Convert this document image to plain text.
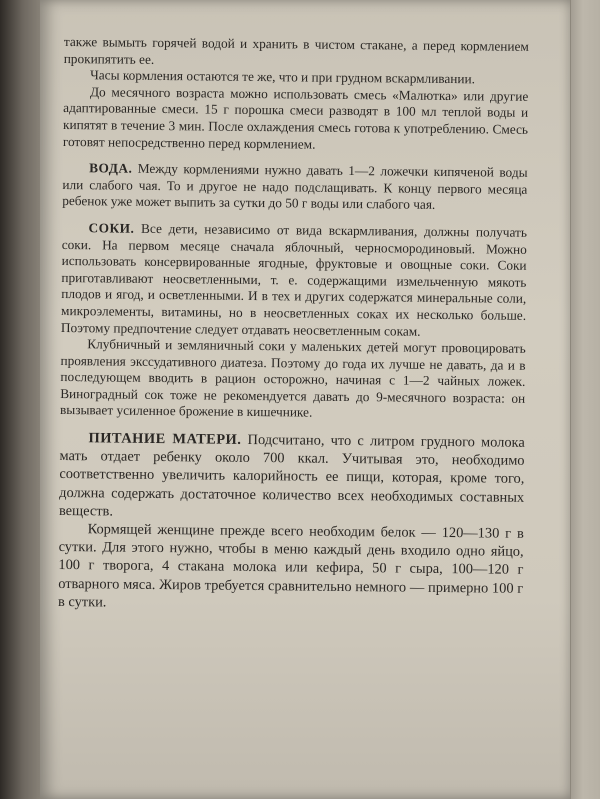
также вымыть горячей водой и хранить в чистом стакане, а перед кормлением прокипятить ее.

Часы кормления остаются те же, что и при грудном вскармливании.

До месячного возраста можно использовать смесь «Малютка» или другие адаптированные смеси. 15 г порошка смеси разводят в 100 мл теплой воды и кипятят в течение 3 мин. После охлаждения смесь готова к употреблению. Смесь готовят непосредственно перед кормлением.

ВОДА. Между кормлениями нужно давать 1—2 ложечки кипяченой воды или слабого чая. То и другое не надо подслащивать. К концу первого месяца ребенок уже может выпить за сутки до 50 г воды или слабого чая.

СОКИ. Все дети, независимо от вида вскармливания, должны получать соки. На первом месяце сначала яблочный, черносмородиновый. Можно использовать консервированные ягодные, фруктовые и овощные соки. Соки приготавливают неосветленными, т. е. содержащими измельченную мякоть плодов и ягод, и осветленными. И в тех и других содержатся минеральные соли, микроэлементы, витамины, но в неосветленных соках их несколько больше. Поэтому предпочтение следует отдавать неосветленным сокам.

Клубничный и земляничный соки у маленьких детей могут провоцировать проявления экссудативного диатеза. Поэтому до года их лучше не давать, да и в последующем вводить в рацион осторожно, начиная с 1—2 чайных ложек. Виноградный сок тоже не рекомендуется давать до 9-месячного возраста: он вызывает усиленное брожение в кишечнике.

ПИТАНИЕ МАТЕРИ. Подсчитано, что с литром грудного молока мать отдает ребенку около 700 ккал. Учитывая это, необходимо соответственно увеличить калорийность ее пищи, которая, кроме того, должна содержать достаточное количество всех необходимых составных веществ.

Кормящей женщине прежде всего необходим белок — 120—130 г в сутки. Для этого нужно, чтобы в меню каждый день входило одно яйцо, 100 г творога, 4 стакана молока или кефира, 50 г сыра, 100—120 г отварного мяса. Жиров требуется сравнительно немного — примерно 100 г в сутки.
